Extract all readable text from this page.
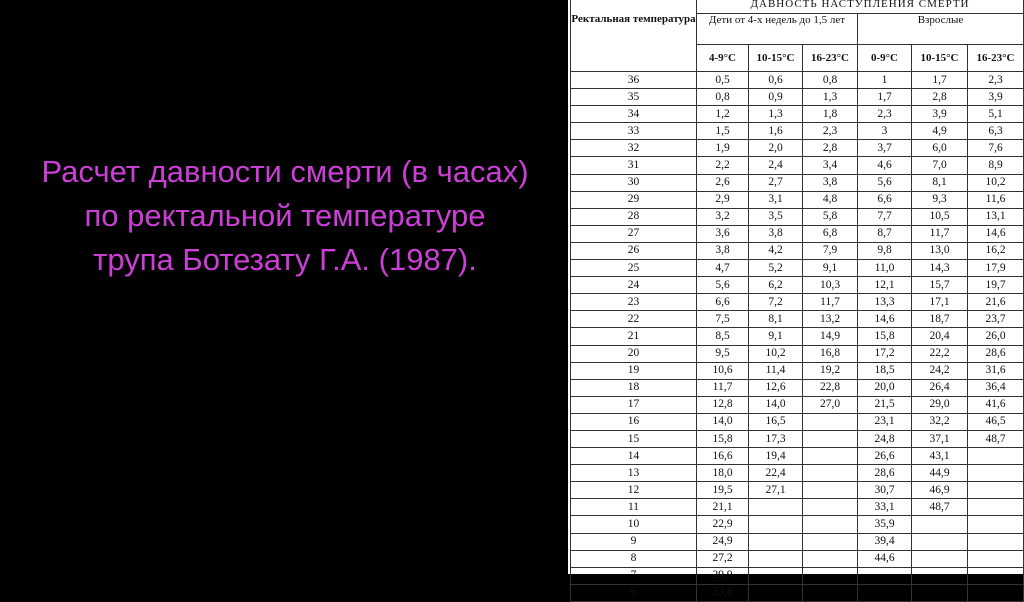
Расчет давности смерти (в часах)
по ректальной температуре
трупа Ботезату Г.А. (1987).
Ректальная температура	ДАВНОСТЬ НАСТУПЛЕНИЯ СМЕРТИ					
	Дети от 4-х недель до 1,5 лет			Взрослые		
	4-9°C	10-15°C	16-23°C	0-9°C	10-15°C	16-23°C
36	0,5	0,6	0,8	1	1,7	2,3
35	0,8	0,9	1,3	1,7	2,8	3,9
34	1,2	1,3	1,8	2,3	3,9	5,1
33	1,5	1,6	2,3	3	4,9	6,3
32	1,9	2,0	2,8	3,7	6,0	7,6
31	2,2	2,4	3,4	4,6	7,0	8,9
30	2,6	2,7	3,8	5,6	8,1	10,2
29	2,9	3,1	4,8	6,6	9,3	11,6
28	3,2	3,5	5,8	7,7	10,5	13,1
27	3,6	3,8	6,8	8,7	11,7	14,6
26	3,8	4,2	7,9	9,8	13,0	16,2
25	4,7	5,2	9,1	11,0	14,3	17,9
24	5,6	6,2	10,3	12,1	15,7	19,7
23	6,6	7,2	11,7	13,3	17,1	21,6
22	7,5	8,1	13,2	14,6	18,7	23,7
21	8,5	9,1	14,9	15,8	20,4	26,0
20	9,5	10,2	16,8	17,2	22,2	28,6
19	10,6	11,4	19,2	18,5	24,2	31,6
18	11,7	12,6	22,8	20,0	26,4	36,4
17	12,8	14,0	27,0	21,5	29,0	41,6
16	14,0	16,5		23,1	32,2	46,5
15	15,8	17,3		24,8	37,1	48,7
14	16,6	19,4		26,6	43,1	
13	18,0	22,4		28,6	44,9	
12	19,5	27,1		30,7	46,9	
11	21,1			33,1	48,7	
10	22,9			35,9		
9	24,9			39,4		
8	27,2			44,6		
7	29,9					
6	33,8					
